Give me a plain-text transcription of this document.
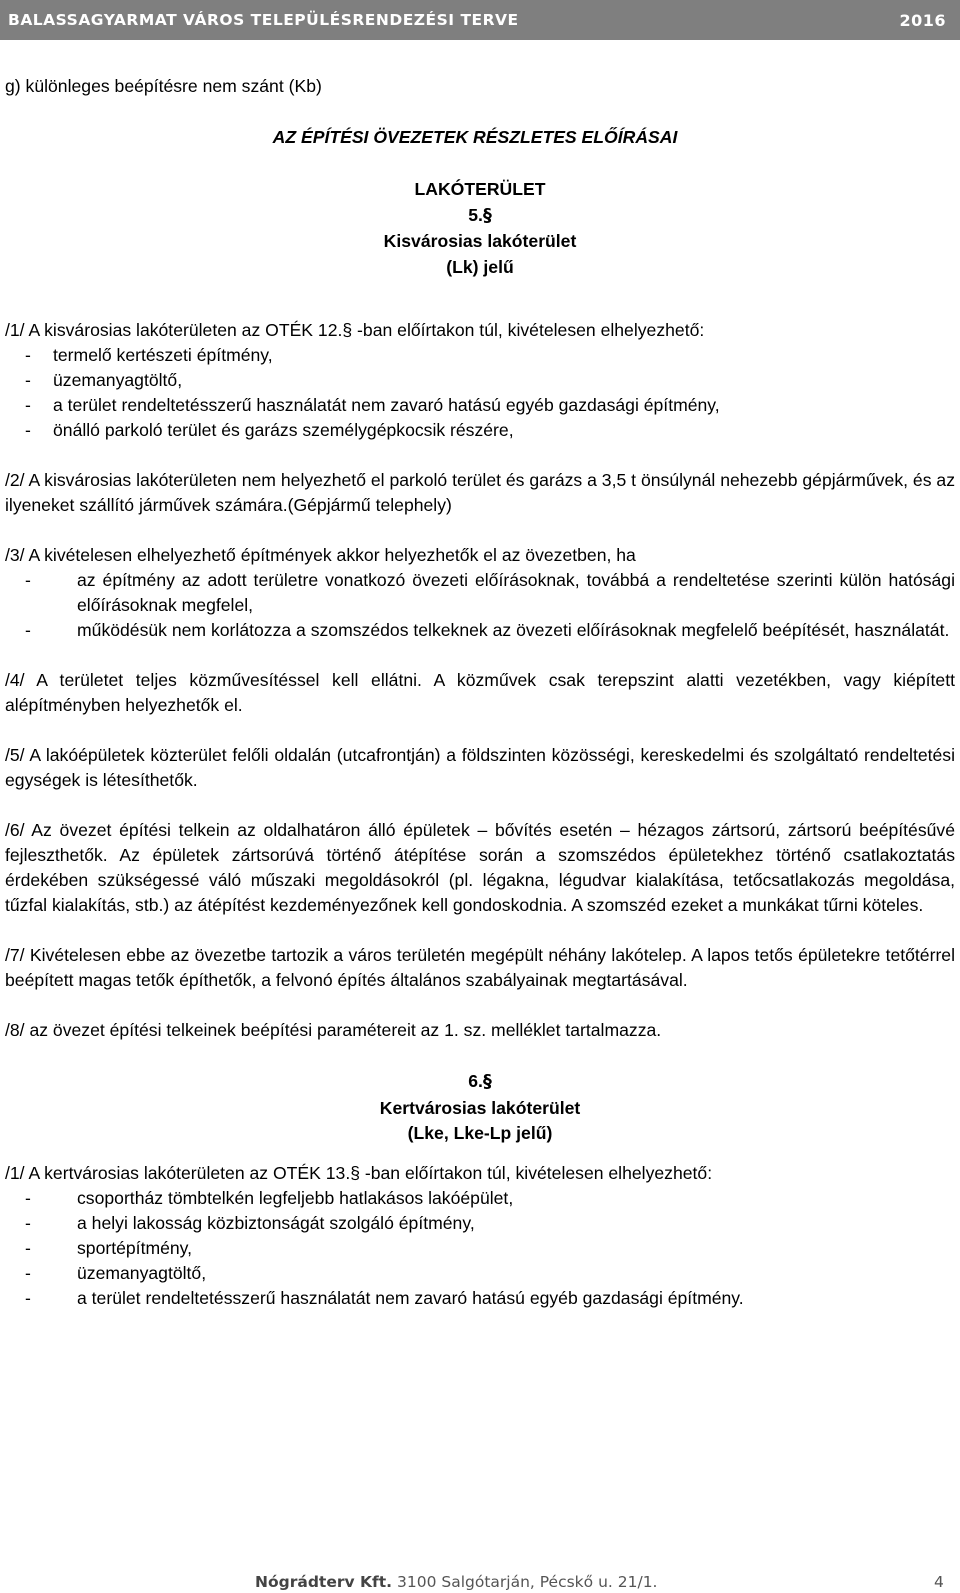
BALASSAGYARMAT VÁROS TELEPÜLÉSRENDEZÉSI TERVE	2016

g) különleges beépítésre nem szánt (Kb)

AZ ÉPÍTÉSI ÖVEZETEK RÉSZLETES ELŐÍRÁSAI

LAKÓTERÜLET
5.§
Kisvárosias lakóterület
(Lk) jelű

/1/ A kisvárosias lakóterületen az OTÉK 12.§ -ban előírtakon túl, kivételesen elhelyezhető:

- termelő kertészeti építmény,
- üzemanyagtöltő,
- a terület rendeltetésszerű használatát nem zavaró hatású egyéb gazdasági építmény,
- önálló parkoló terület és garázs személygépkocsik részére,

/2/ A kisvárosias lakóterületen nem helyezhető el parkoló terület és garázs a 3,5 t önsúlynál nehezebb gépjárművek, és az ilyeneket szállító járművek számára.(Gépjármű telephely)

/3/ A kivételesen elhelyezhető építmények akkor helyezhetők el az övezetben, ha

-	az építmény az adott területre vonatkozó övezeti előírásoknak, továbbá a rendeltetése szerinti külön hatósági előírásoknak megfelel,
-	működésük nem korlátozza a szomszédos telkeknek az övezeti előírásoknak megfelelő beépítését, használatát.

/4/ A területet teljes közművesítéssel kell ellátni. A közművek csak terepszint alatti vezetékben, vagy kiépített alépítményben helyezhetők el.

/5/ A lakóépületek közterület felőli oldalán (utcafrontján) a földszinten közösségi, kereskedelmi és szolgáltató rendeltetési egységek is létesíthetők.

/6/ Az övezet építési telkein az oldalhatáron álló épületek – bővítés esetén – hézagos zártsorú, zártsorú beépítésűvé fejleszthetők. Az épületek zártsorúvá történő átépítése során a szomszédos épületekhez történő csatlakoztatás érdekében szükségessé váló műszaki megoldásokról (pl. légakna, légudvar kialakítása, tetőcsatlakozás megoldása, tűzfal kialakítás, stb.) az átépítést kezdeményezőnek kell gondoskodnia. A szomszéd ezeket a munkákat tűrni köteles.

/7/ Kivételesen ebbe az övezetbe tartozik a város területén megépült néhány lakótelep. A lapos tetős épületekre tetőtérrel beépített magas tetők építhetők, a felvonó építés általános szabályainak megtartásával.

/8/ az övezet építési telkeinek beépítési paramétereit az 1. sz. melléklet tartalmazza.

6.§
Kertvárosias lakóterület
(Lke, Lke-Lp jelű)

/1/ A kertvárosias lakóterületen az OTÉK 13.§ -ban előírtakon túl, kivételesen elhelyezhető:

-	csoportház tömbtelkén legfeljebb hatlakásos lakóépület,
-	a helyi lakosság közbiztonságát szolgáló építmény,
-	sportépítmény,
-	üzemanyagtöltő,
-	a terület rendeltetésszerű használatát nem zavaró hatású egyéb gazdasági építmény.
Nógrádterv Kft. 3100 Salgótarján, Pécskő u. 21/1.	4
